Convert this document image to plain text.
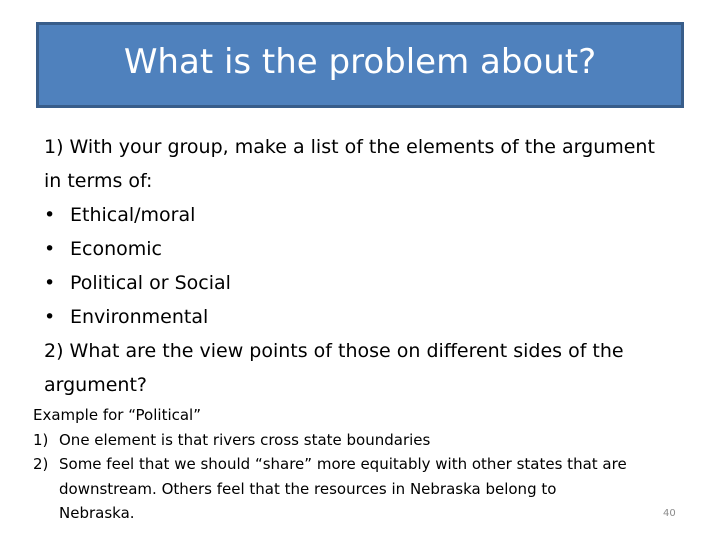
What is the problem about?
1) With your group, make a list of the elements of the argument
in terms of:
• Ethical/moral
• Economic
• Political or Social
• Environmental
2) What are the view points of those on different sides of the
argument?
Example for “Political”
1) One element is that rivers cross state boundaries
2) Some feel that we should “share” more equitably with other states that are
downstream. Others feel that the resources in Nebraska belong to
Nebraska.	40
